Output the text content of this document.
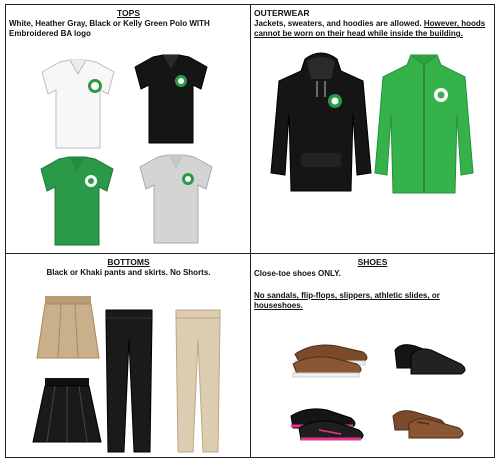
TOPS
White, Heather Gray, Black or Kelly Green Polo WITH Embroidered BA logo
OUTERWEAR
Jackets, sweaters, and hoodies are allowed. However, hoods cannot be worn on their head while inside the building.
BOTTOMS
Black or Khaki pants and skirts. No Shorts.
SHOES
Close-toe shoes ONLY.
No sandals, flip-flops, slippers, athletic slides, or houseshoes.
